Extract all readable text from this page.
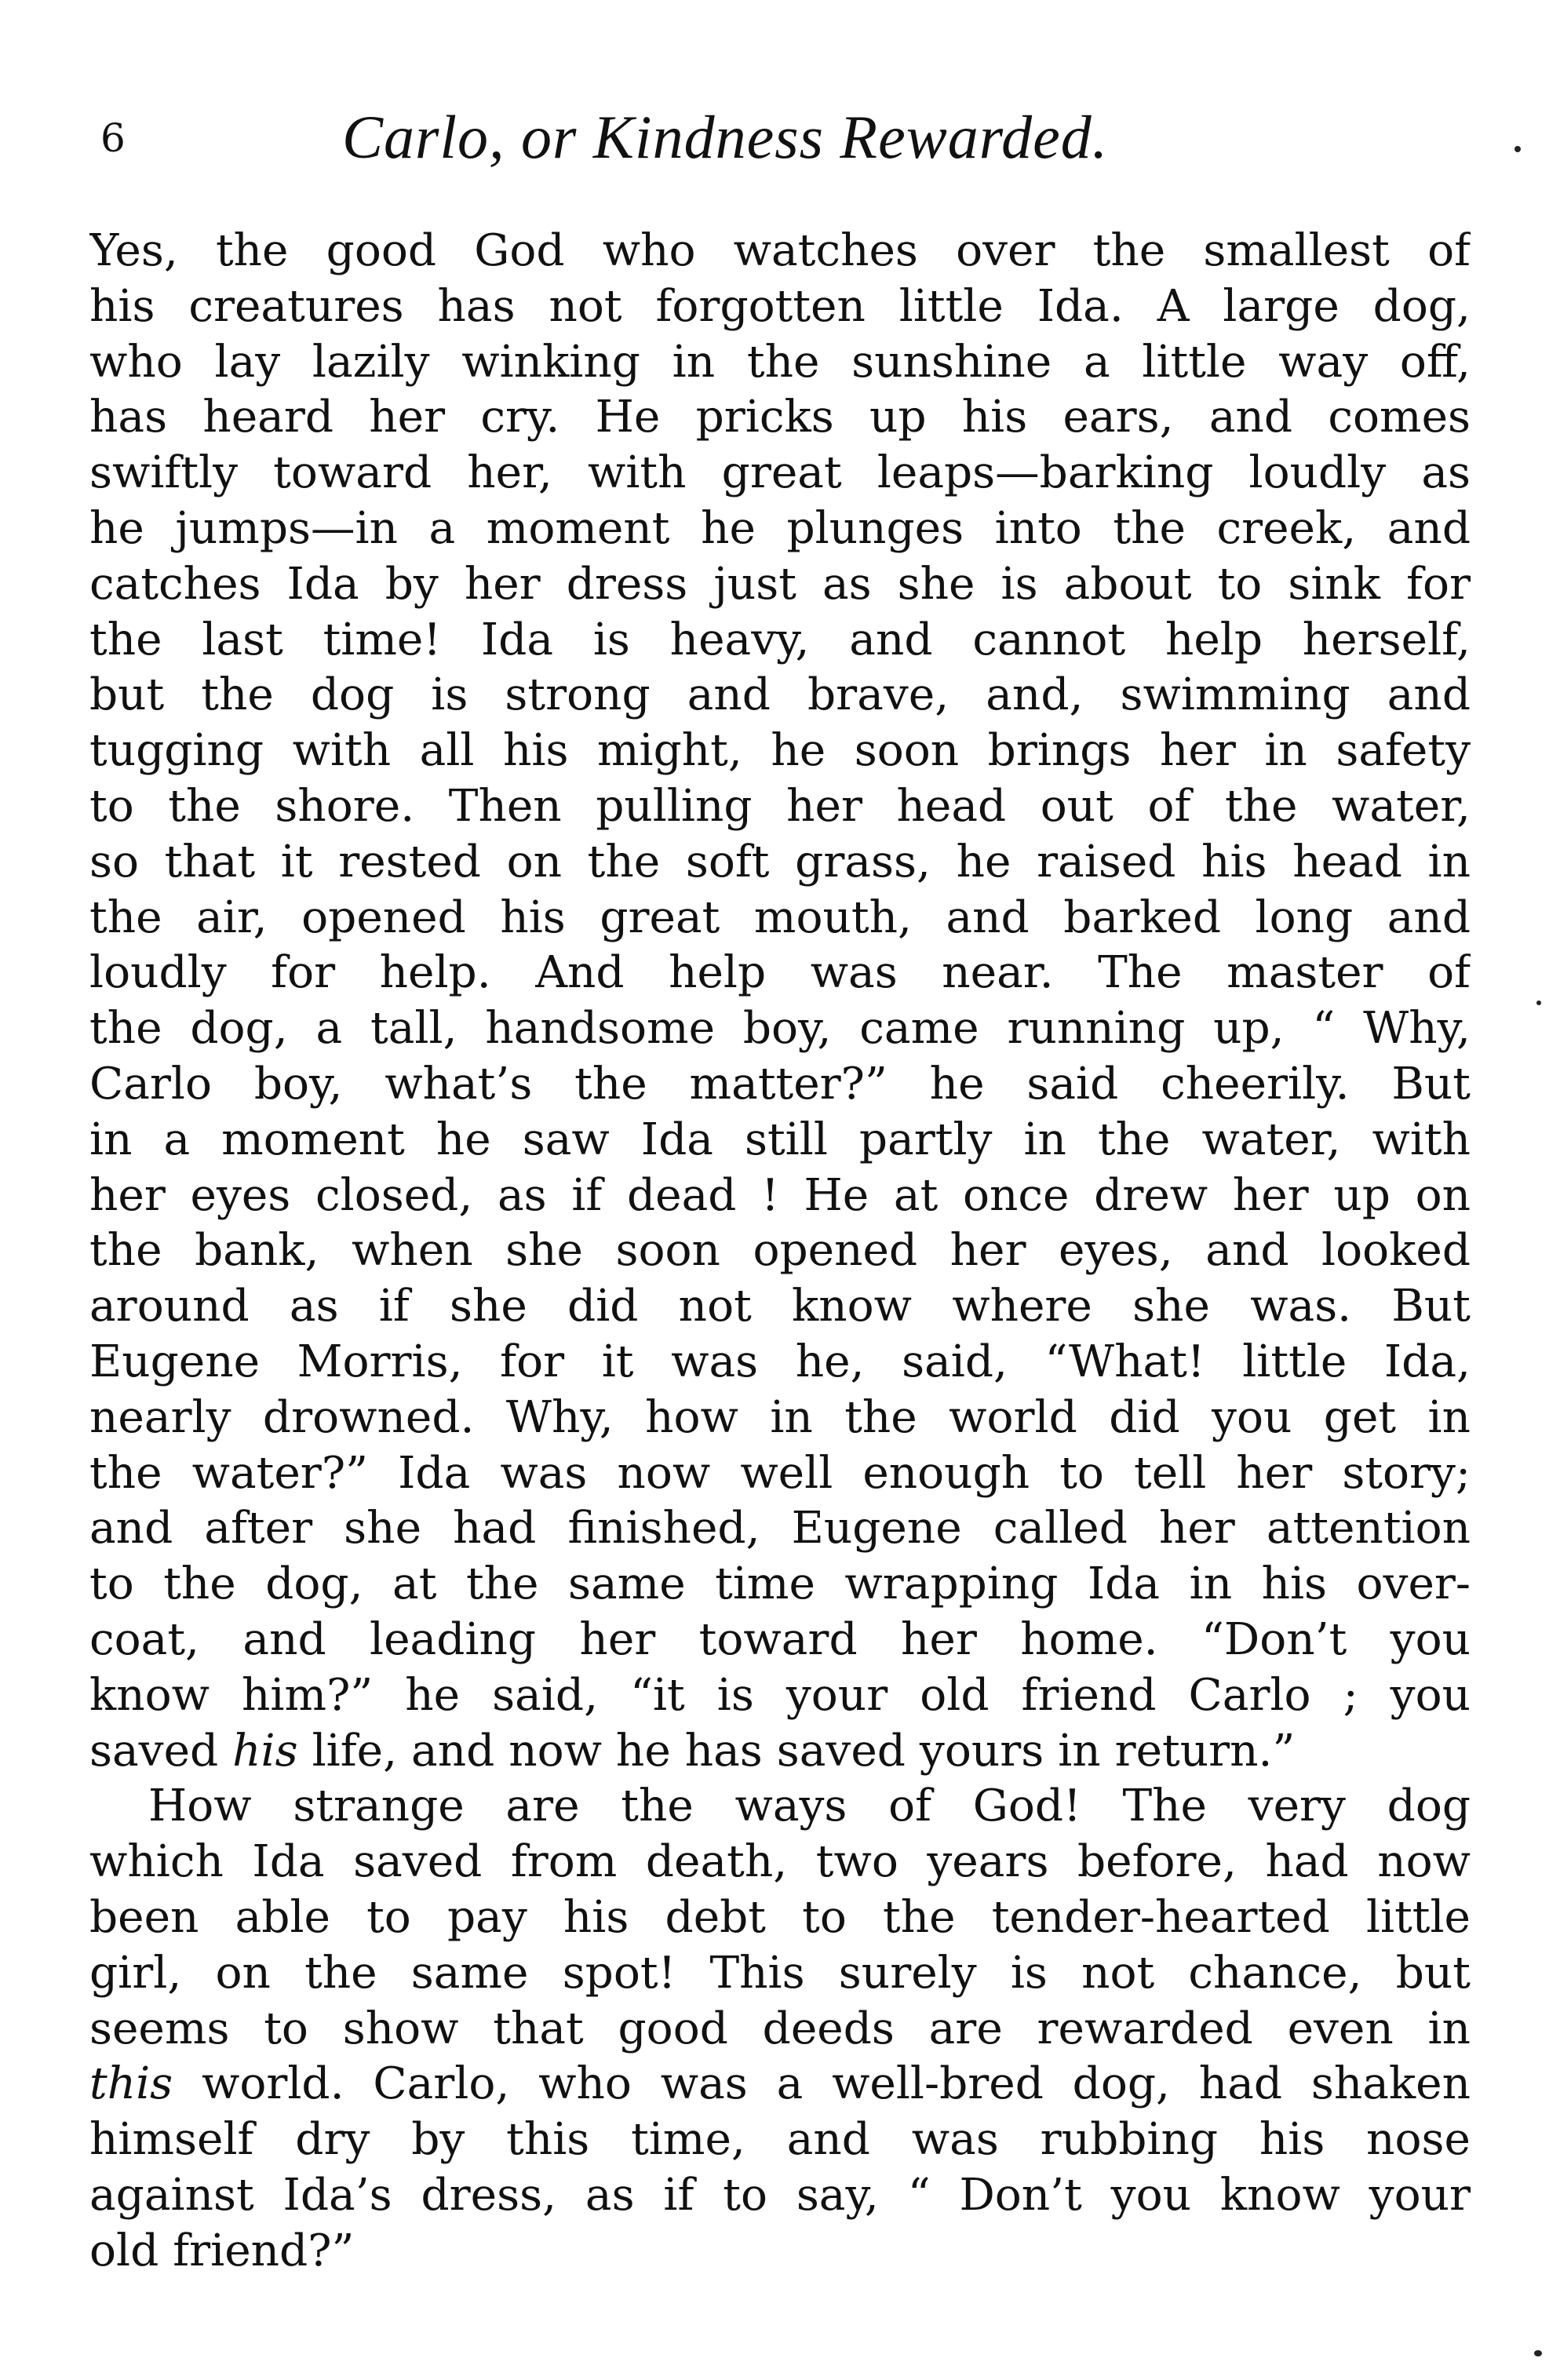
6	Carlo, or Kindness Rewarded.
Yes, the good God who watches over the smallest of
his creatures has not forgotten little Ida. A large dog,
who lay lazily winking in the sunshine a little way off,
has heard her cry. He pricks up his ears, and comes
swiftly toward her, with great leaps—barking loudly as
he jumps—in a moment he plunges into the creek, and
catches Ida by her dress just as she is about to sink for
the last time! Ida is heavy, and cannot help herself,
but the dog is strong and brave, and, swimming and
tugging with all his might, he soon brings her in safety
to the shore. Then pulling her head out of the water,
so that it rested on the soft grass, he raised his head in
the air, opened his great mouth, and barked long and
loudly for help. And help was near. The master of
the dog, a tall, handsome boy, came running up, “ Why,
Carlo boy, what’s the matter?” he said cheerily. But
in a moment he saw Ida still partly in the water, with
her eyes closed, as if dead ! He at once drew her up on
the bank, when she soon opened her eyes, and looked
around as if she did not know where she was. But
Eugene Morris, for it was he, said, “What! little Ida,
nearly drowned. Why, how in the world did you get in
the water?” Ida was now well enough to tell her story;
and after she had finished, Eugene called her attention
to the dog, at the same time wrapping Ida in his over-
coat, and leading her toward her home. “Don’t you
know him?” he said, “it is your old friend Carlo ; you
saved his life, and now he has saved yours in return.”
How strange are the ways of God! The very dog
which Ida saved from death, two years before, had now
been able to pay his debt to the tender-hearted little
girl, on the same spot! This surely is not chance, but
seems to show that good deeds are rewarded even in
this world. Carlo, who was a well-bred dog, had shaken
himself dry by this time, and was rubbing his nose
against Ida’s dress, as if to say, “ Don’t you know your
old friend?”
